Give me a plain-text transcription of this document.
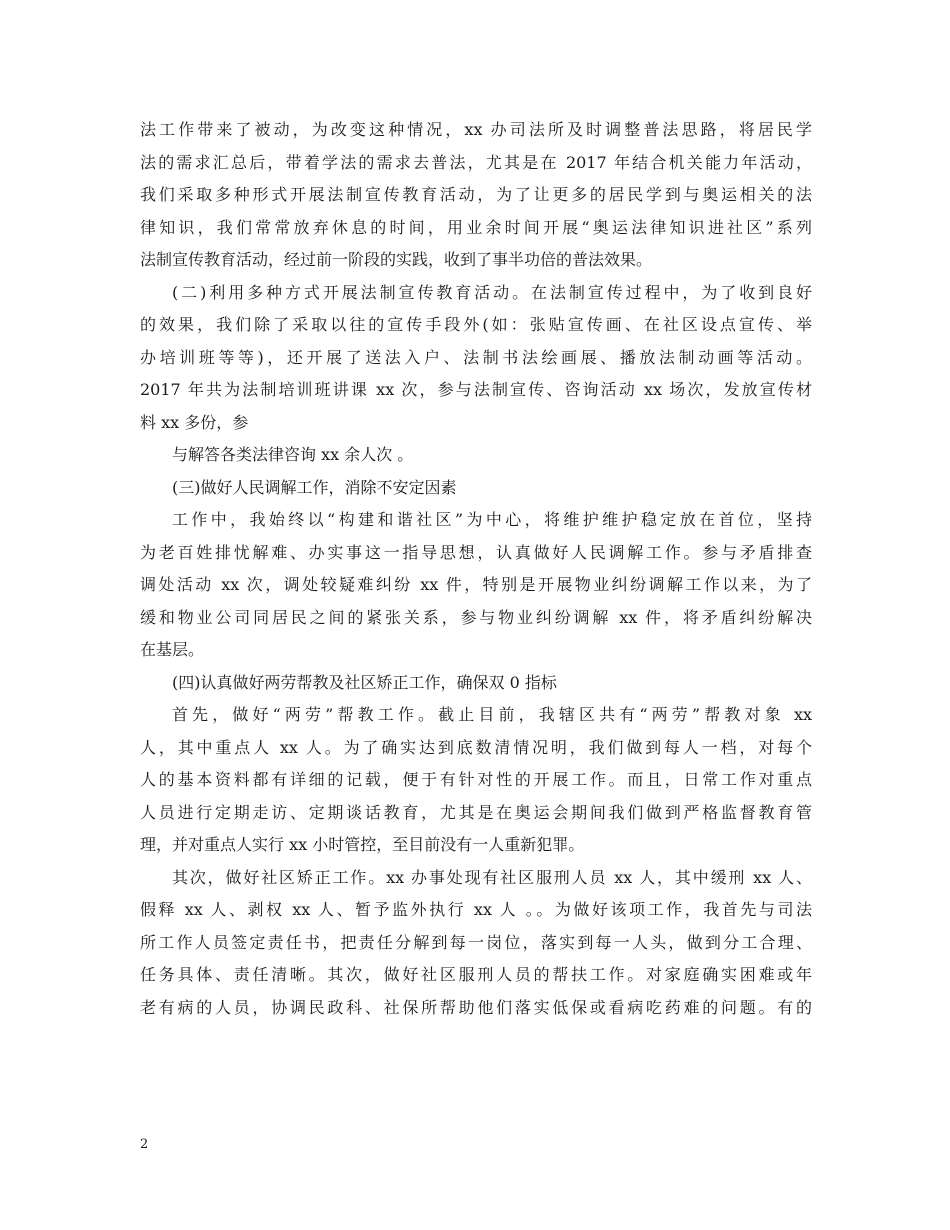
法工作带来了被动，为改变这种情况，xx 办司法所及时调整普法思路，将居民学
法的需求汇总后，带着学法的需求去普法，尤其是在 2017 年结合机关能力年活动，
我们采取多种形式开展法制宣传教育活动，为了让更多的居民学到与奥运相关的法
律知识，我们常常放弃休息的时间，用业余时间开展“奥运法律知识进社区”系列
法制宣传教育活动，经过前一阶段的实践，收到了事半功倍的普法效果。
(二)利用多种方式开展法制宣传教育活动。在法制宣传过程中，为了收到良好
的效果，我们除了采取以往的宣传手段外(如：张贴宣传画、在社区设点宣传、举
办培训班等等)，还开展了送法入户、法制书法绘画展、播放法制动画等活动。
2017 年共为法制培训班讲课 xx 次，参与法制宣传、咨询活动 xx 场次，发放宣传材
料 xx 多份，参
与解答各类法律咨询 xx 余人次 。
(三)做好人民调解工作，消除不安定因素
工作中，我始终以“构建和谐社区”为中心，将维护维护稳定放在首位，坚持
为老百姓排忧解难、办实事这一指导思想，认真做好人民调解工作。参与矛盾排查
调处活动 xx 次，调处较疑难纠纷 xx 件，特别是开展物业纠纷调解工作以来，为了
缓和物业公司同居民之间的紧张关系，参与物业纠纷调解 xx 件，将矛盾纠纷解决
在基层。
(四)认真做好两劳帮教及社区矫正工作，确保双 0 指标
首先，做好“两劳”帮教工作。截止目前，我辖区共有“两劳”帮教对象 xx
人，其中重点人 xx 人。为了确实达到底数清情况明，我们做到每人一档，对每个
人的基本资料都有详细的记载，便于有针对性的开展工作。而且，日常工作对重点
人员进行定期走访、定期谈话教育，尤其是在奥运会期间我们做到严格监督教育管
理，并对重点人实行 xx 小时管控，至目前没有一人重新犯罪。
其次，做好社区矫正工作。xx 办事处现有社区服刑人员 xx 人，其中缓刑 xx 人、
假释 xx 人、剥权 xx 人、暂予监外执行 xx 人 。。为做好该项工作，我首先与司法
所工作人员签定责任书，把责任分解到每一岗位，落实到每一人头，做到分工合理、
任务具体、责任清晰。其次，做好社区服刑人员的帮扶工作。对家庭确实困难或年
老有病的人员，协调民政科、社保所帮助他们落实低保或看病吃药难的问题。有的
2
